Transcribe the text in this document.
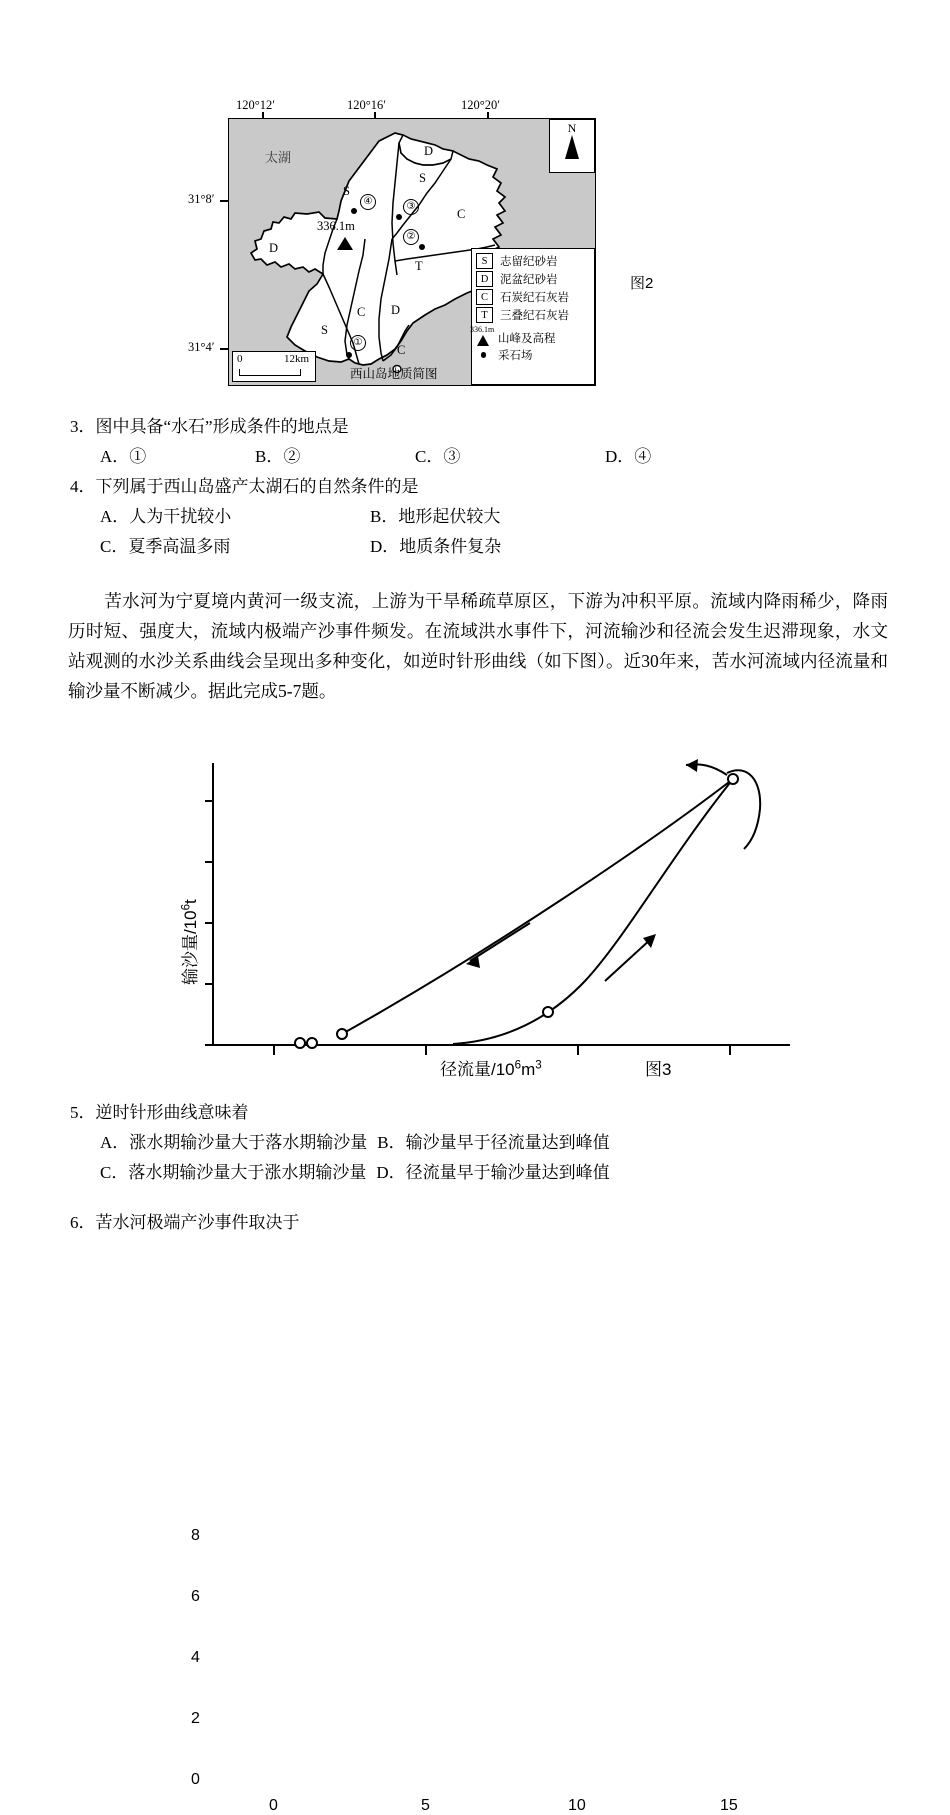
120°12′	120°16′	120°20′
31°8′
31°4′
太湖
S
D
D
S
C
C
T
S
D
C
336.1m
④	③
②
①
N
S	志留纪砂岩
D	泥盆纪砂岩
C	石炭纪石灰岩
T	三叠纪石灰岩
336.1m
山峰及高程
采石场
0	12km
西山岛地质简图
图2
3．图中具备“水石”形成条件的地点是
A．①	B．②	C．③	D．④
4．下列属于西山岛盛产太湖石的自然条件的是
A．人为干扰较小	B．地形起伏较大
C．夏季高温多雨	D．地质条件复杂
苦水河为宁夏境内黄河一级支流，上游为干旱稀疏草原区，下游为冲积平原。流域内降雨稀少，降雨历时短、强度大，流域内极端产沙事件频发。在流域洪水事件下，河流输沙和径流会发生迟滞现象，水文站观测的水沙关系曲线会呈现出多种变化，如逆时针形曲线（如下图）。近30年来，苦水河流域内径流量和输沙量不断减少。据此完成5-7题。
0
2
4
6
8
0	5	10	15
输沙量$/10^6t$
径流量$/10^6m^3$	图3
5．逆时针形曲线意味着
A．涨水期输沙量大于落水期输沙量 B．输沙量早于径流量达到峰值
C．落水期输沙量大于涨水期输沙量 D．径流量早于输沙量达到峰值
6．苦水河极端产沙事件取决于
